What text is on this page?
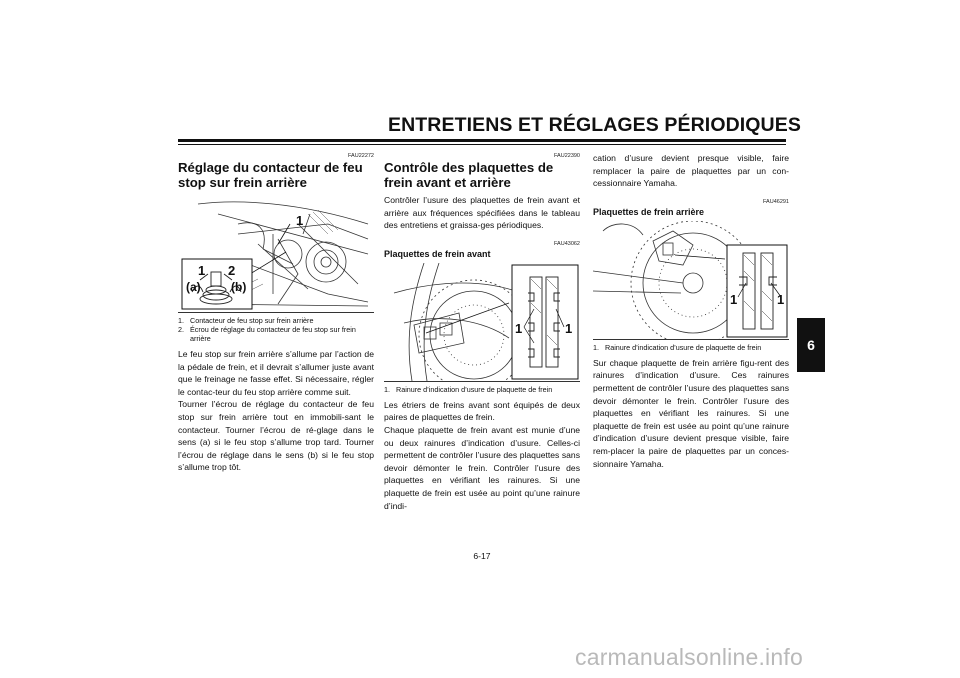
ENTRETIENS ET RÉGLAGES PÉRIODIQUES
FAU22272
Réglage du contacteur de feu stop sur frein arrière
1
1 2
(a)	(b)
1. Contacteur de feu stop sur frein arrière
2. Écrou de réglage du contacteur de feu stop sur frein arrière

Le feu stop sur frein arrière s’allume par l’action de la pédale de frein, et il devrait s’allumer juste avant que le freinage ne fasse effet. Si nécessaire, régler le contac-teur du feu stop arrière comme suit.

Tourner l’écrou de réglage du contacteur de feu stop sur frein arrière tout en immobili-sant le contacteur. Tourner l’écrou de ré-glage dans le sens (a) si le feu stop s’allume trop tard. Tourner l’écrou de réglage dans le sens (b) si le feu stop s’allume trop tôt.

FAU22390
Contrôle des plaquettes de frein avant et arrière

Contrôler l’usure des plaquettes de frein avant et arrière aux fréquences spécifiées dans le tableau des entretiens et graissa-ges périodiques.

FAU43062
Plaquettes de frein avant
1	1
1. Rainure d’indication d’usure de plaquette de frein

Les étriers de freins avant sont équipés de deux paires de plaquettes de frein.

Chaque plaquette de frein avant est munie d’une ou deux rainures d’indication d’usure. Celles-ci permettent de contrôler l’usure des plaquettes sans devoir démonter le frein. Contrôler l’usure des plaquettes en vérifiant les rainures. Si une plaquette de frein est usée au point qu’une rainure d’indi-

cation d’usure devient presque visible, faire remplacer la paire de plaquettes par un con-cessionnaire Yamaha.

FAU46291
Plaquettes de frein arrière
1	1
1. Rainure d’indication d’usure de plaquette de frein

Sur chaque plaquette de frein arrière figu-rent des rainures d’indication d’usure. Ces rainures permettent de contrôler l’usure des plaquettes sans devoir démonter le frein. Contrôler l’usure des plaquettes en vérifiant les rainures. Si une plaquette de frein est usée au point qu’une rainure d’indication d’usure devient presque visible, faire rem-placer la paire de plaquettes par un conces-sionnaire Yamaha.

6
6-17
carmanualsonline.info
